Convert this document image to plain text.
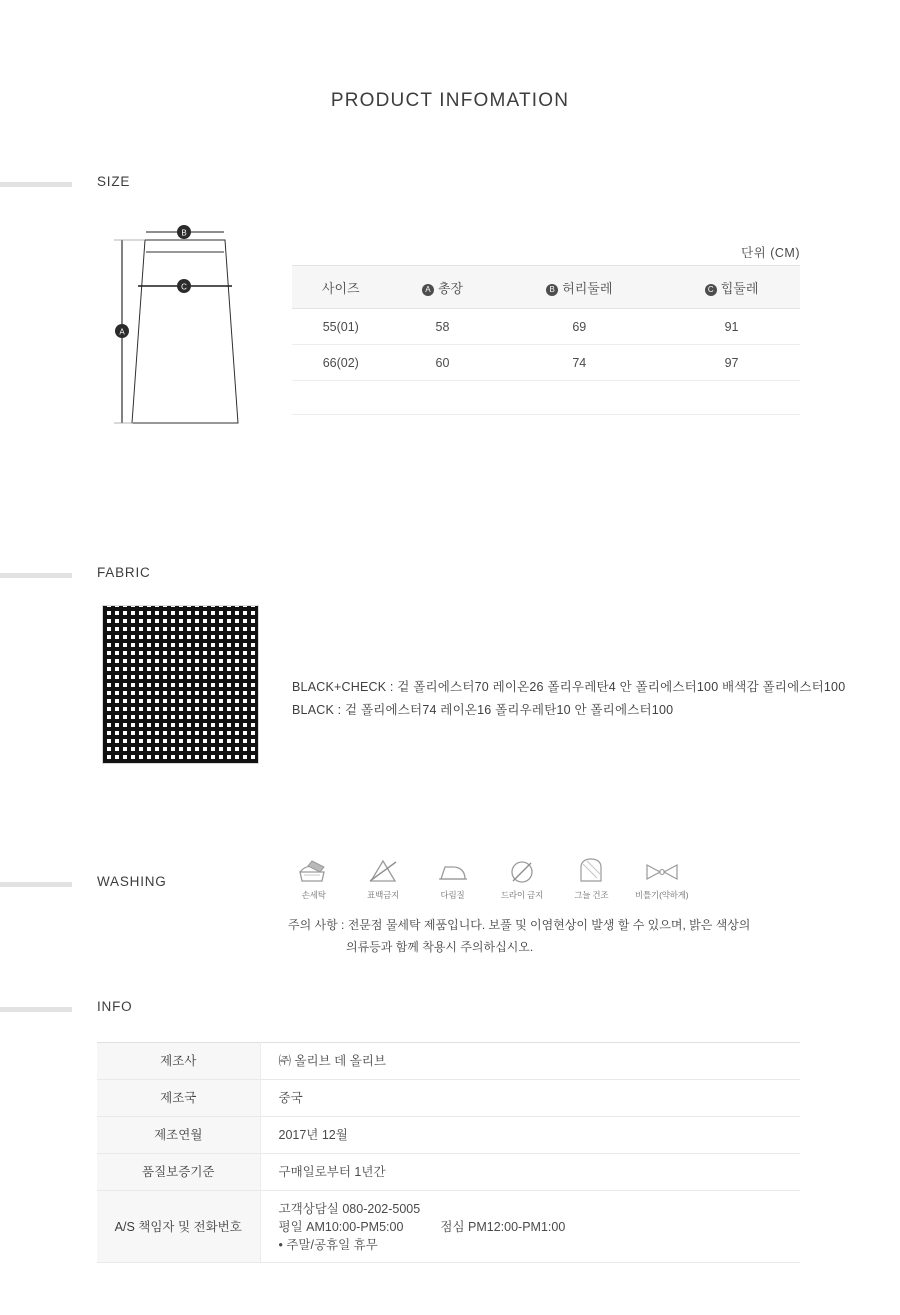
PRODUCT INFOMATION
SIZE
단위 (CM)
B
C
A
사이즈	A 총장	B 허리둘레	C 힙둘레
55(01)	58	69	91
66(02)	60	74	97

FABRIC
BLACK+CHECK : 겉 폴리에스터70 레이온26 폴리우레탄4 안 폴리에스터100 배색감 폴리에스터100
BLACK : 겉 폴리에스터74 레이온16 폴리우레탄10 안 폴리에스터100
WASHING
손세탁	표백금지	다림질	드라이 금지	그늘 건조	비틀기(약하게)
주의 사항 : 전문점 물세탁 제품입니다. 보풀 및 이염현상이 발생 할 수 있으며, 밝은 색상의
의류등과 함께 착용시 주의하십시오.
INFO
제조사	㈜ 올리브 데 올리브
제조국	중국
제조연월	2017년 12월
품질보증기준	구매일로부터 1년간
A/S 책임자 및 전화번호	고객상담실 080-202-5005
평일 AM10:00-PM5:00 점심 PM12:00-PM1:00
• 주말/공휴일 휴무
